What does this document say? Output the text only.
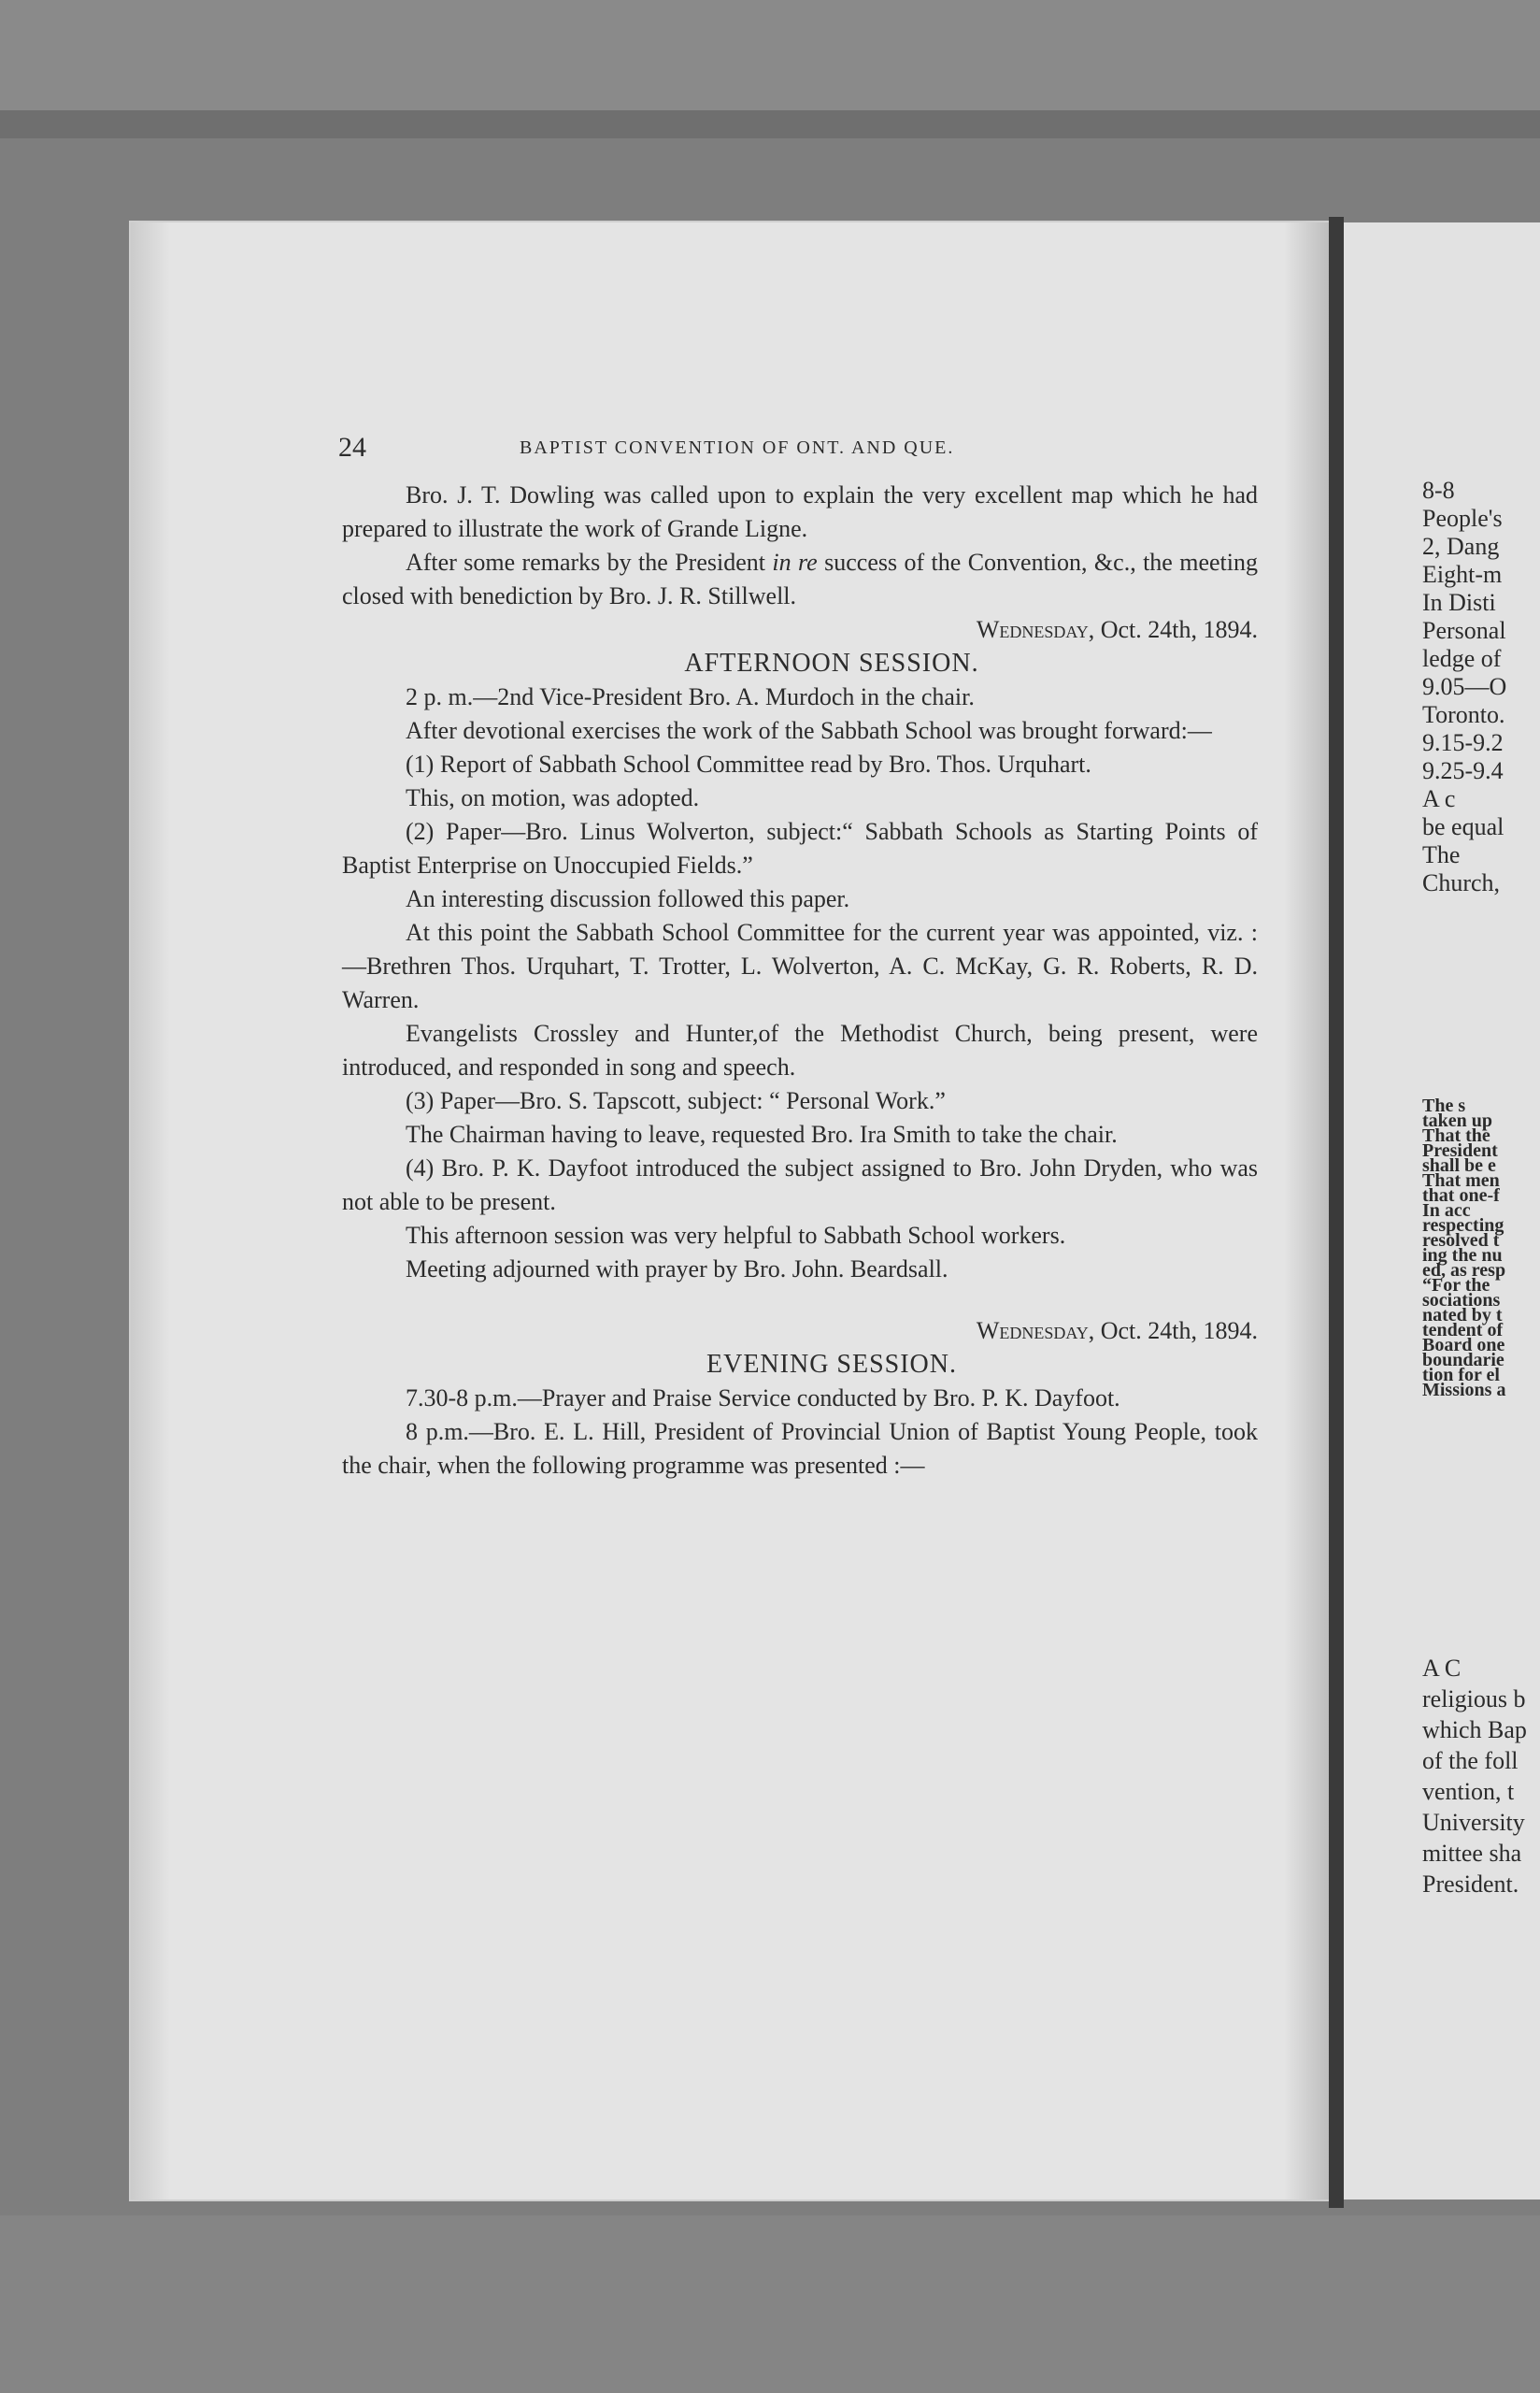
8-8
People's
2, Dang
Eight-m
In Disti
Personal
ledge of
9.05—O
Toronto.
9.15-9.2
9.25-9.4
A c
be equal
The
Church,
The s
taken up
That the
President
shall be e
That men
that one-f
In acc
respecting
resolved t
ing the nu
ed, as resp
“For the
sociations
nated by t
tendent of
Board one
boundarie
tion for el
Missions a
A C
religious b
which Bap
of the foll
vention, t
University
mittee sha
President.
24	BAPTIST CONVENTION OF ONT. AND QUE.

Bro. J. T. Dowling was called upon to explain the very excellent map which he had prepared to illustrate the work of Grande Ligne.

After some remarks by the President in re success of the Convention, &c., the meeting closed with benediction by Bro. J. R. Stillwell.

Wednesday, Oct. 24th, 1894.

AFTERNOON SESSION.

2 p. m.—2nd Vice-President Bro. A. Murdoch in the chair.

After devotional exercises the work of the Sabbath School was brought forward:—

(1) Report of Sabbath School Committee read by Bro. Thos. Urquhart.

This, on motion, was adopted.

(2) Paper—Bro. Linus Wolverton, subject:“ Sabbath Schools as Starting Points of Baptist Enterprise on Unoccupied Fields.”

An interesting discussion followed this paper.

At this point the Sabbath School Committee for the current year was appointed, viz. :—Brethren Thos. Urquhart, T. Trotter, L. Wolverton, A. C. McKay, G. R. Roberts, R. D. Warren.

Evangelists Crossley and Hunter,of the Methodist Church, being present, were introduced, and responded in song and speech.

(3) Paper—Bro. S. Tapscott, subject: “ Personal Work.”

The Chairman having to leave, requested Bro. Ira Smith to take the chair.

(4) Bro. P. K. Dayfoot introduced the subject assigned to Bro. John Dryden, who was not able to be present.

This afternoon session was very helpful to Sabbath School workers.

Meeting adjourned with prayer by Bro. John. Beardsall.

Wednesday, Oct. 24th, 1894.

EVENING SESSION.

7.30-8 p.m.—Prayer and Praise Service conducted by Bro. P. K. Dayfoot.

8 p.m.—Bro. E. L. Hill, President of Provincial Union of Baptist Young People, took the chair, when the following programme was presented :—
